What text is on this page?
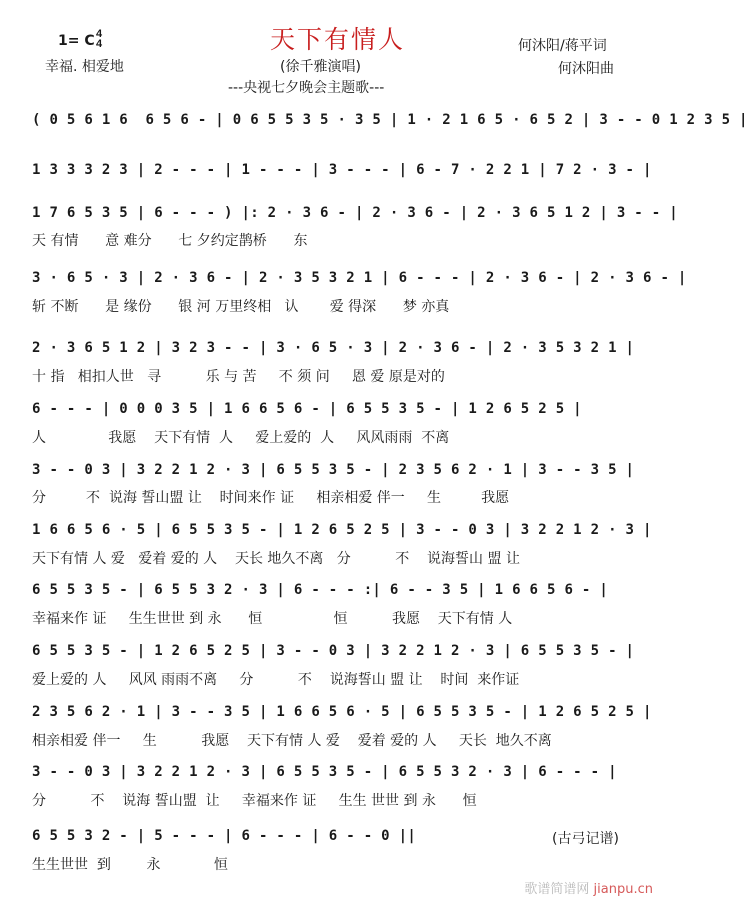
天下有情人
1= C 4
4
幸福. 相爱地	(徐千雅演唱)
---央视七夕晚会主题歌---
何沐阳/蒋平词
何沐阳曲
( 0 5 6 1 6  6 5 6 - | 0 6 5 5 3 5 · 3 5 | 1 · 2 1 6 5 · 6 5 2 | 3 - - 0 1 2 3 5 |
1 3 3 3 2 3 | 2 - - - | 1 - - - | 3 - - - | 6 - 7 · 2 2 1 | 7 2 · 3 - |
1 7 6 5 3 5 | 6 - - - ) |: 2 · 3 6 - | 2 · 3 6 - | 2 · 3 6 5 1 2 | 3 - - |
天 有情      意 难分      七 夕约定鹊桥      东
3 · 6 5 · 3 | 2 · 3 6 - | 2 · 3 5 3 2 1 | 6 - - - | 2 · 3 6 - | 2 · 3 6 - |
斩 不断      是 缘份      银 河 万里终相   认       爱 得深      梦 亦真
2 · 3 6 5 1 2 | 3 2 3 - - | 3 · 6 5 · 3 | 2 · 3 6 - | 2 · 3 5 3 2 1 |
十 指   相扣人世   寻          乐 与 苦     不 须 问     恩 爱 原是对的
6 - - - | 0 0 0 3 5 | 1 6 6 5 6 - | 6 5 5 3 5 - | 1 2 6 5 2 5 |
人              我愿    天下有情  人     爱上爱的  人     风风雨雨  不离
3 - - 0 3 | 3 2 2 1 2 · 3 | 6 5 5 3 5 - | 2 3 5 6 2 · 1 | 3 - - 3 5 |
分         不  说海 誓山盟 让    时间来作 证     相亲相爱 伴一     生         我愿
1 6 6 5 6 · 5 | 6 5 5 3 5 - | 1 2 6 5 2 5 | 3 - - 0 3 | 3 2 2 1 2 · 3 |
天下有情 人 爱   爱着 爱的 人    天长 地久不离   分          不    说海誓山 盟 让
6 5 5 3 5 - | 6 5 5 3 2 · 3 | 6 - - - :| 6 - - 3 5 | 1 6 6 5 6 - |
幸福来作 证     生生世世 到 永      恒                恒          我愿    天下有情 人
6 5 5 3 5 - | 1 2 6 5 2 5 | 3 - - 0 3 | 3 2 2 1 2 · 3 | 6 5 5 3 5 - |
爱上爱的 人     风风 雨雨不离     分          不    说海誓山 盟 让    时间  来作证
2 3 5 6 2 · 1 | 3 - - 3 5 | 1 6 6 5 6 · 5 | 6 5 5 3 5 - | 1 2 6 5 2 5 |
相亲相爱 伴一     生          我愿    天下有情 人 爱    爱着 爱的 人     天长  地久不离
3 - - 0 3 | 3 2 2 1 2 · 3 | 6 5 5 3 5 - | 6 5 5 3 2 · 3 | 6 - - - |
分          不    说海 誓山盟  让     幸福来作 证     生生 世世 到 永      恒
6 5 5 3 2 - | 5 - - - | 6 - - - | 6 - - 0 ||
生生世世  到        永            恒
(古弓记谱)
歌谱简谱网 jianpu.cn
